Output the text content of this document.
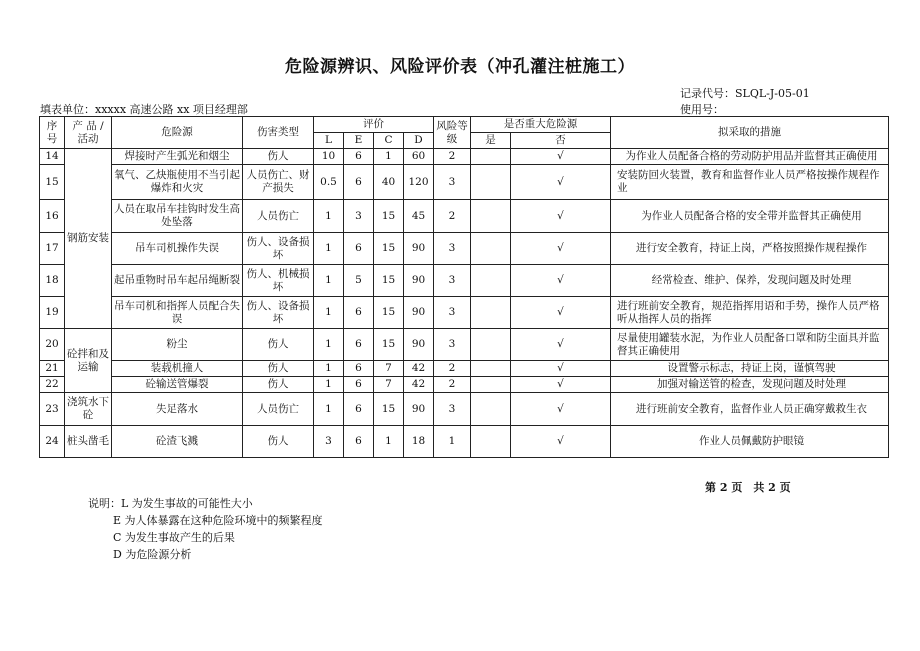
危险源辨识、风险评价表（冲孔灌注桩施工）
记录代号：SLQL-J-05-01
填表单位：xxxxx 高速公路 xx 项目经理部	使用号：
序号	产 品 / 活动	危险源	伤害类型	评价				风险等级	是否重大危险源		拟采取的措施
				L	E	C	D		是	否	
14	钢筋安装	焊接时产生弧光和烟尘	伤人	10	6	1	60	2		√	为作业人员配备合格的劳动防护用品并监督其正确使用
15		氧气、乙炔瓶使用不当引起爆炸和火灾	人员伤亡、财产损失	0.5	6	40	120	3		√	安装防回火装置，教育和监督作业人员严格按操作规程作业
16		人员在取吊车挂钩时发生高处坠落	人员伤亡	1	3	15	45	2		√	为作业人员配备合格的安全带并监督其正确使用
17		吊车司机操作失误	伤人、设备损坏	1	6	15	90	3		√	进行安全教育，持证上岗，严格按照操作规程操作
18		起吊重物时吊车起吊绳断裂	伤人、机械损坏	1	5	15	90	3		√	经常检查、维护、保养，发现问题及时处理
19		吊车司机和指挥人员配合失误	伤人、设备损坏	1	6	15	90	3		√	进行班前安全教育，规范指挥用语和手势，操作人员严格听从指挥人员的指挥
20	砼拌和及运输	粉尘	伤人	1	6	15	90	3		√	尽量使用罐装水泥，为作业人员配备口罩和防尘面具并监督其正确使用
21		装载机撞人	伤人	1	6	7	42	2		√	设置警示标志，持证上岗，谨慎驾驶
22		砼输送管爆裂	伤人	1	6	7	42	2		√	加强对输送管的检查，发现问题及时处理
23	浇筑水下砼	失足落水	人员伤亡	1	6	15	90	3		√	进行班前安全教育，监督作业人员正确穿戴救生衣
24	桩头凿毛	砼渣飞溅	伤人	3	6	1	18	1		√	作业人员佩戴防护眼镜
第 2 页　共 2 页
说明：L 为发生事故的可能性大小
E 为人体暴露在这种危险环境中的频繁程度
C 为发生事故产生的后果
D 为危险源分析
